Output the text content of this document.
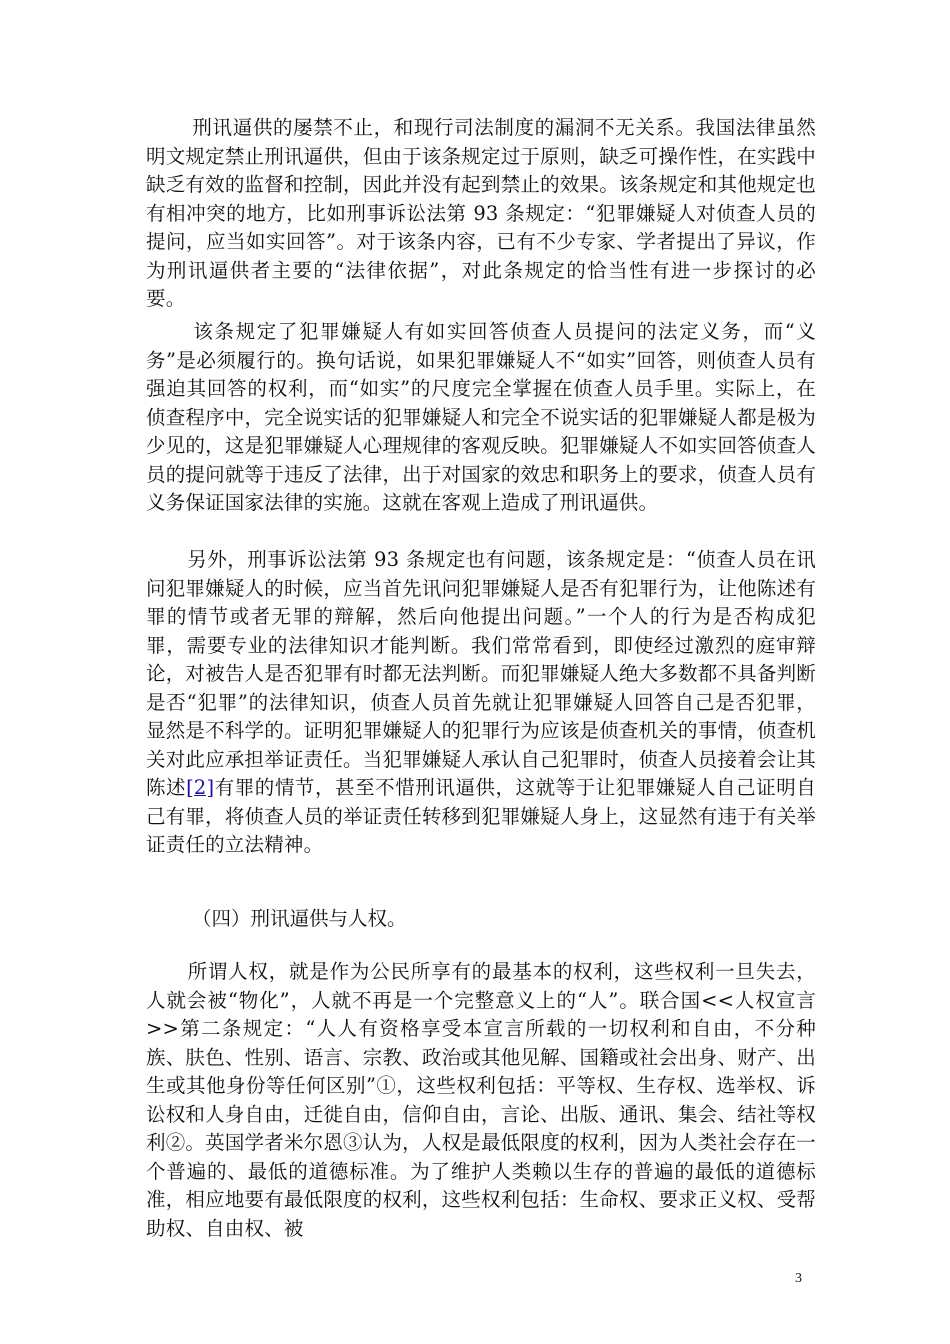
刑讯逼供的屡禁不止，和现行司法制度的漏洞不无关系。我国法律虽然明文规定禁止刑讯逼供，但由于该条规定过于原则，缺乏可操作性，在实践中缺乏有效的监督和控制，因此并没有起到禁止的效果。该条规定和其他规定也有相冲突的地方，比如刑事诉讼法第 93 条规定：“犯罪嫌疑人对侦查人员的提问，应当如实回答”。对于该条内容，已有不少专家、学者提出了异议，作为刑讯逼供者主要的“法律依据”，对此条规定的恰当性有进一步探讨的必要。

该条规定了犯罪嫌疑人有如实回答侦查人员提问的法定义务，而“义务”是必须履行的。换句话说，如果犯罪嫌疑人不“如实”回答，则侦查人员有强迫其回答的权利，而“如实”的尺度完全掌握在侦查人员手里。实际上，在侦查程序中，完全说实话的犯罪嫌疑人和完全不说实话的犯罪嫌疑人都是极为少见的，这是犯罪嫌疑人心理规律的客观反映。犯罪嫌疑人不如实回答侦查人员的提问就等于违反了法律，出于对国家的效忠和职务上的要求，侦查人员有义务保证国家法律的实施。这就在客观上造成了刑讯逼供。

另外，刑事诉讼法第 93 条规定也有问题，该条规定是：“侦查人员在讯问犯罪嫌疑人的时候，应当首先讯问犯罪嫌疑人是否有犯罪行为，让他陈述有罪的情节或者无罪的辩解，然后向他提出问题。”一个人的行为是否构成犯罪，需要专业的法律知识才能判断。我们常常看到，即使经过激烈的庭审辩论，对被告人是否犯罪有时都无法判断。而犯罪嫌疑人绝大多数都不具备判断是否“犯罪”的法律知识，侦查人员首先就让犯罪嫌疑人回答自己是否犯罪，显然是不科学的。证明犯罪嫌疑人的犯罪行为应该是侦查机关的事情，侦查机关对此应承担举证责任。当犯罪嫌疑人承认自己犯罪时，侦查人员接着会让其陈述[2]有罪的情节，甚至不惜刑讯逼供，这就等于让犯罪嫌疑人自己证明自己有罪，将侦查人员的举证责任转移到犯罪嫌疑人身上，这显然有违于有关举证责任的立法精神。

（四）刑讯逼供与人权。

所谓人权，就是作为公民所享有的最基本的权利，这些权利一旦失去，人就会被“物化”，人就不再是一个完整意义上的“人”。联合国<<人权宣言>>第二条规定：“人人有资格享受本宣言所载的一切权利和自由，不分种族、肤色、性别、语言、宗教、政治或其他见解、国籍或社会出身、财产、出生或其他身份等任何区别”①，这些权利包括：平等权、生存权、选举权、诉讼权和人身自由，迁徙自由，信仰自由，言论、出版、通讯、集会、结社等权利②。英国学者米尔恩③认为，人权是最低限度的权利，因为人类社会存在一个普遍的、最低的道德标准。为了维护人类赖以生存的普遍的最低的道德标准，相应地要有最低限度的权利，这些权利包括：生命权、要求正义权、受帮助权、自由权、被

3
